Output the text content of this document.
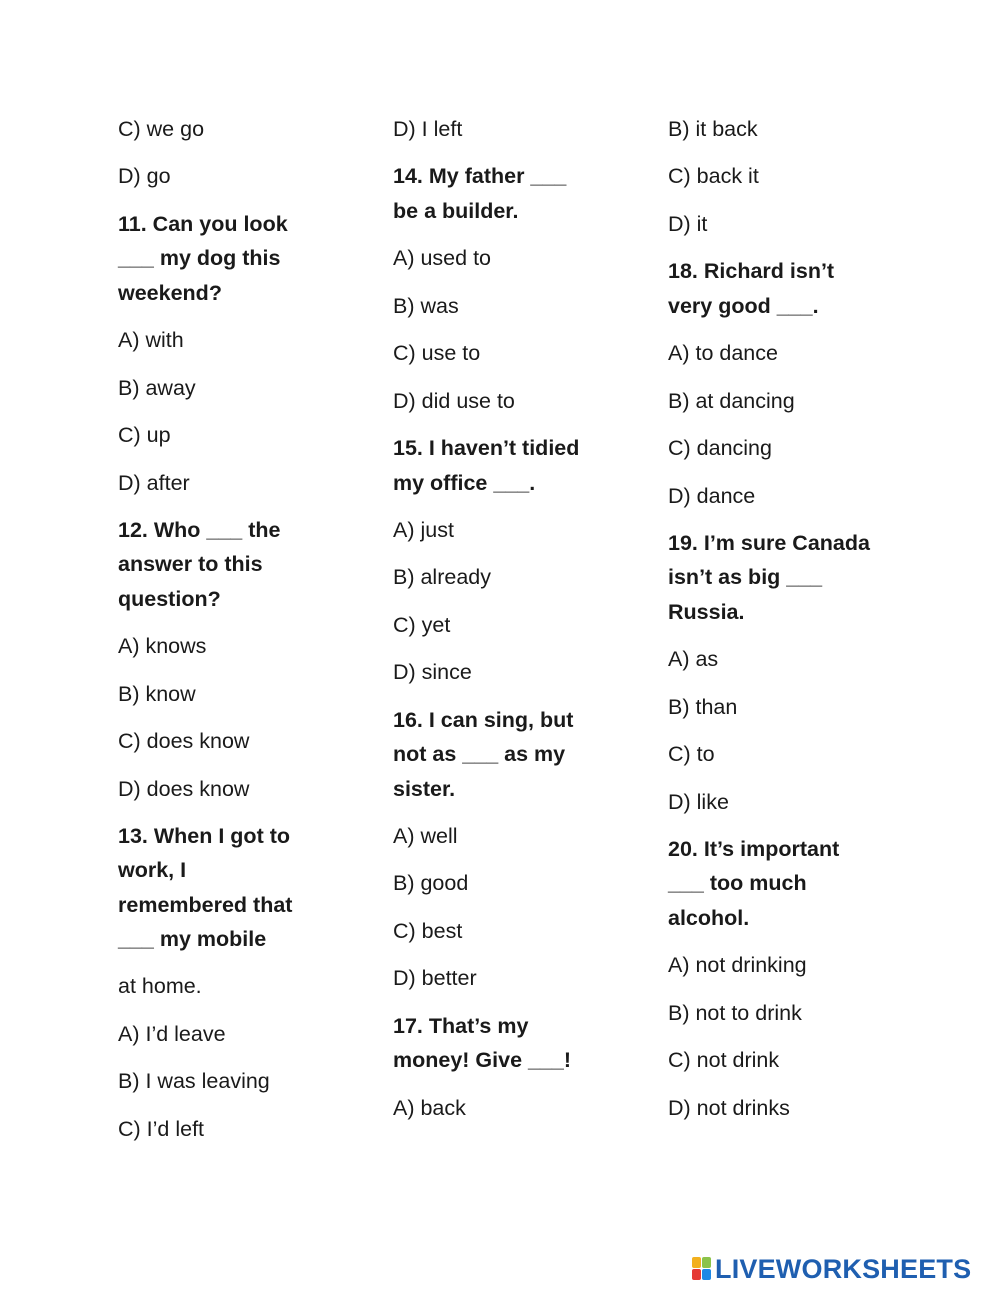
C) we go
D) go
11. Can you look
___ my dog this
weekend?
A) with
B) away
C) up
D) after
12. Who ___ the
answer to this
question?
A) knows
B) know
C) does know
D) does know
13. When I got to
work, I
remembered that
___ my mobile
at home.
A) I’d leave
B) I was leaving
C) I’d left
D) I left
14. My father ___
be a builder.
A) used to
B) was
C) use to
D) did use to
15. I haven’t tidied
my office ___.
A) just
B) already
C) yet
D) since
16. I can sing, but
not as ___ as my
sister.
A) well
B) good
C) best
D) better
17. That’s my
money! Give ___!
A) back
B) it back
C) back it
D) it
18. Richard isn’t
very good ___.
A) to dance
B) at dancing
C) dancing
D) dance
19. I’m sure Canada
isn’t as big ___
Russia.
A) as
B) than
C) to
D) like
20. It’s important
___ too much
alcohol.
A) not drinking
B) not to drink
C) not drink
D) not drinks
LIVEWORKSHEETS
